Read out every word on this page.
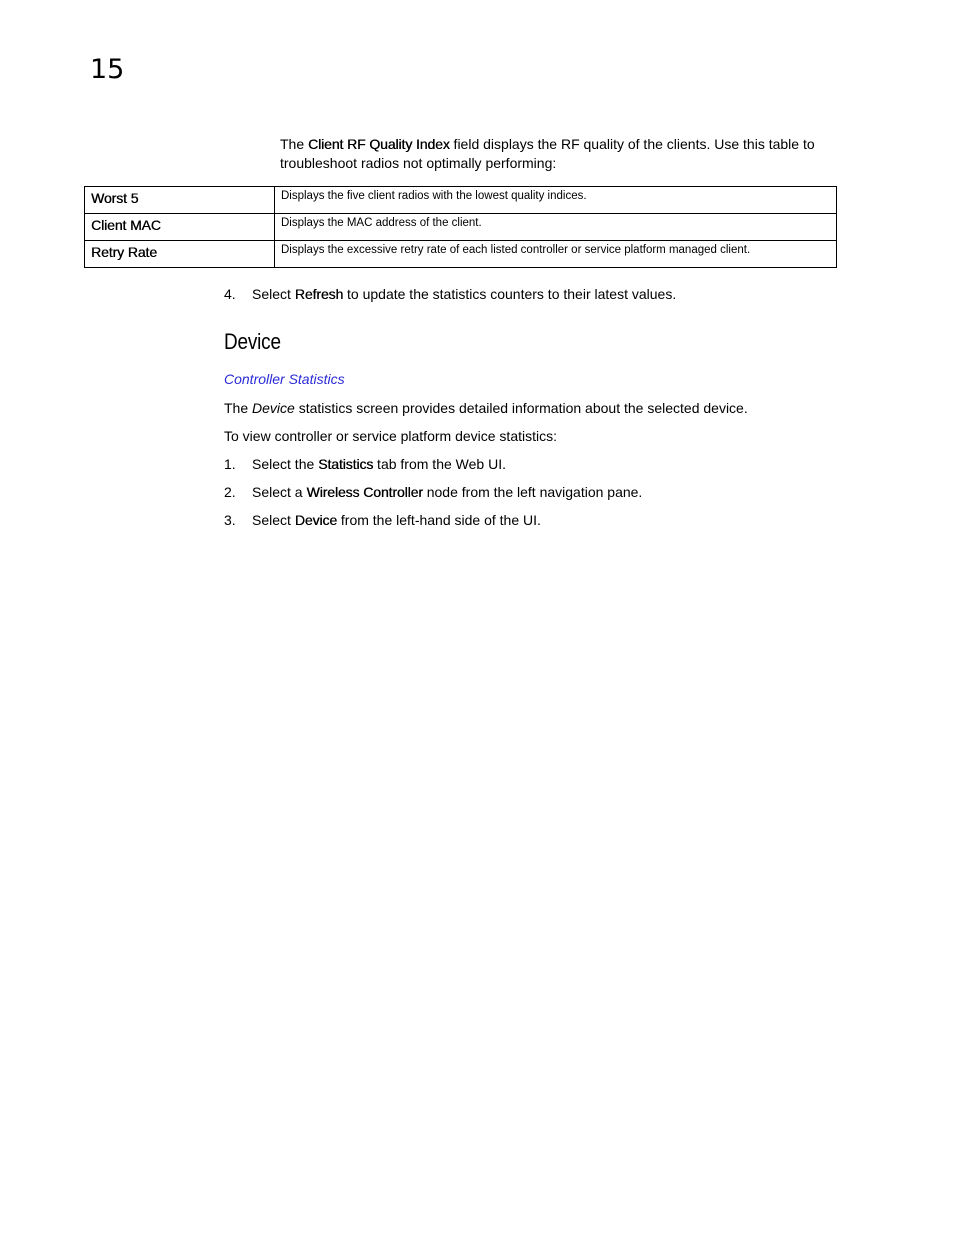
15
The Client RF Quality Index field displays the RF quality of the clients. Use this table to
troubleshoot radios not optimally performing:
Worst 5	Displays the five client radios with the lowest quality indices.
Client MAC	Displays the MAC address of the client.
Retry Rate	Displays the excessive retry rate of each listed controller or service platform managed client.
4. Select Refresh to update the statistics counters to their latest values.
Device
Controller Statistics
The Device statistics screen provides detailed information about the selected device.
To view controller or service platform device statistics:
1. Select the Statistics tab from the Web UI.
2. Select a Wireless Controller node from the left navigation pane.
3. Select Device from the left-hand side of the UI.
